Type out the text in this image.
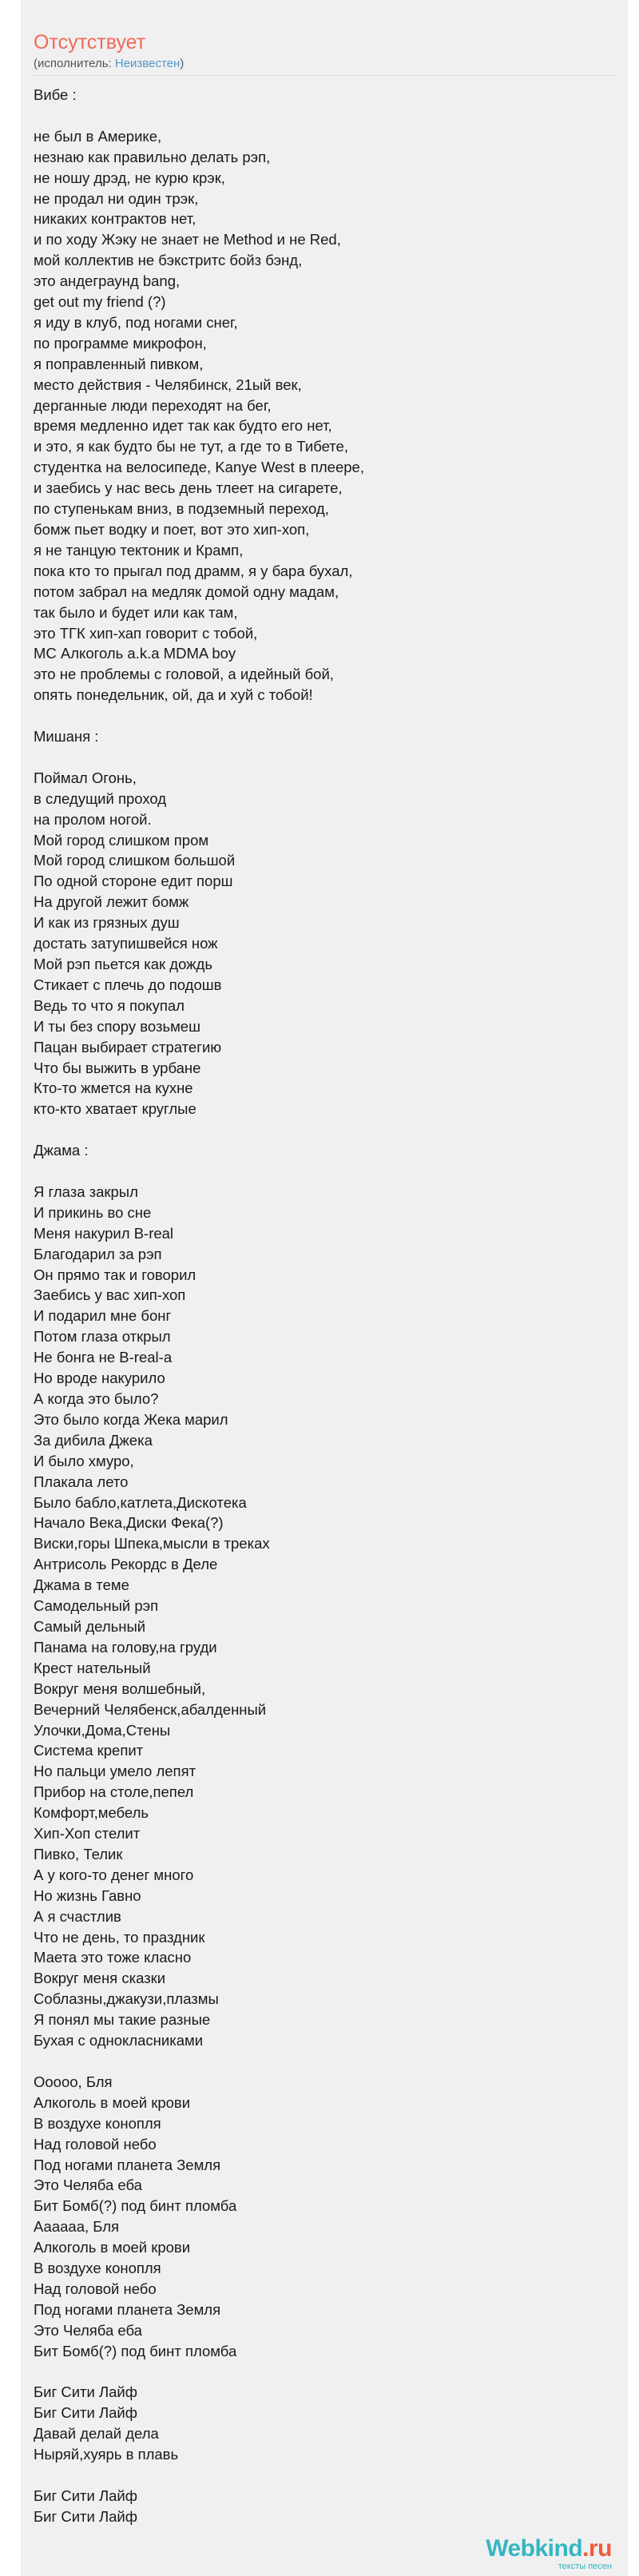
Отсутствует
(исполнитель: Неизвестен)
Вибе :
не был в Америке,
незнаю как правильно делать рэп,
не ношу дрэд, не курю крэк,
не продал ни один трэк,
никаких контрактов нет,
и по ходу Жэку не знает не Method и не Red,
мой коллектив не бэкстритс бойз бэнд,
это андеграунд bang,
get out my friend (?)
я иду в клуб, под ногами снег,
по программе микрофон,
я поправленный пивком,
место действия - Челябинск, 21ый век,
дерганные люди переходят на бег,
время медленно идет так как будто его нет,
и это, я как будто бы не тут, а где то в Тибете,
студентка на велосипеде, Kanye West в плеере,
и заебись у нас весь день тлеет на сигарете,
по ступенькам вниз, в подземный переход,
бомж пьет водку и поет, вот это хип-хоп,
я не танцую тектоник и Крамп,
пока кто то прыгал под драмм, я у бара бухал,
потом забрал на медляк домой одну мадам,
так было и будет или как там,
это ТГК хип-хап говорит с тобой,
MC Алкоголь a.k.a MDMA boy
это не проблемы с головой, а идейный бой,
опять понедельник, ой, да и хуй с тобой!
Мишаня :
Поймал Огонь,
в следущий проход
на пролом ногой.
Мой город слишком пром
Мой город слишком большой
По одной стороне едит порш
На другой лежит бомж
И как из грязных душ
достать затупишвейся нож
Мой рэп пьется как дождь
Стикает с плечь до подошв
Ведь то что я покупал
И ты без спору возьмеш
Пацан выбирает стратегию
Что бы выжить в урбане
Кто-то жмется на кухне
кто-кто хватает круглые
Джама :
Я глаза закрыл
И прикинь во сне
Меня накурил B-real
Благодарил за рэп
Он прямо так и говорил
Заебись у вас хип-хоп
И подарил мне бонг
Потом глаза открыл
Не бонга не B-real-a
Но вроде накурило
А когда это было?
Это было когда Жека марил
За дибила Джека
И было хмуро,
Плакала лето
Было бабло,катлета,Дискотека
Начало Века,Диски Фека(?)
Виски,горы Шпека,мысли в треках
Антрисоль Рекордс в Деле
Джама в теме
Самодельный рэп
Самый дельный
Панама на голову,на груди
Крест нательный
Вокруг меня волшебный,
Вечерний Челябенск,абалденный
Улочки,Дома,Стены
Система крепит
Но пальци умело лепят
Прибор на столе,пепел
Комфорт,мебель
Хип-Хоп стелит
Пивко, Телик
А у кого-то денег много
Но жизнь Гавно
А я счастлив
Что не день, то праздник
Маета это тоже класно
Вокруг меня сказки
Соблазны,джакузи,плазмы
Я понял мы такие разные
Бухая с однокласниками
Ооооо, Бля
Алкоголь в моей крови
В воздухе конопля
Над головой небо
Под ногами планета Земля
Это Челяба еба
Бит Бомб(?) под бинт пломба
Аааааа, Бля
Алкоголь в моей крови
В воздухе конопля
Над головой небо
Под ногами планета Земля
Это Челяба еба
Бит Бомб(?) под бинт пломба
Биг Сити Лайф
Биг Сити Лайф
Давай делай дела
Ныряй,хуярь в плавь
Биг Сити Лайф
Биг Сити Лайф
Webkind.ru
тексты песен
